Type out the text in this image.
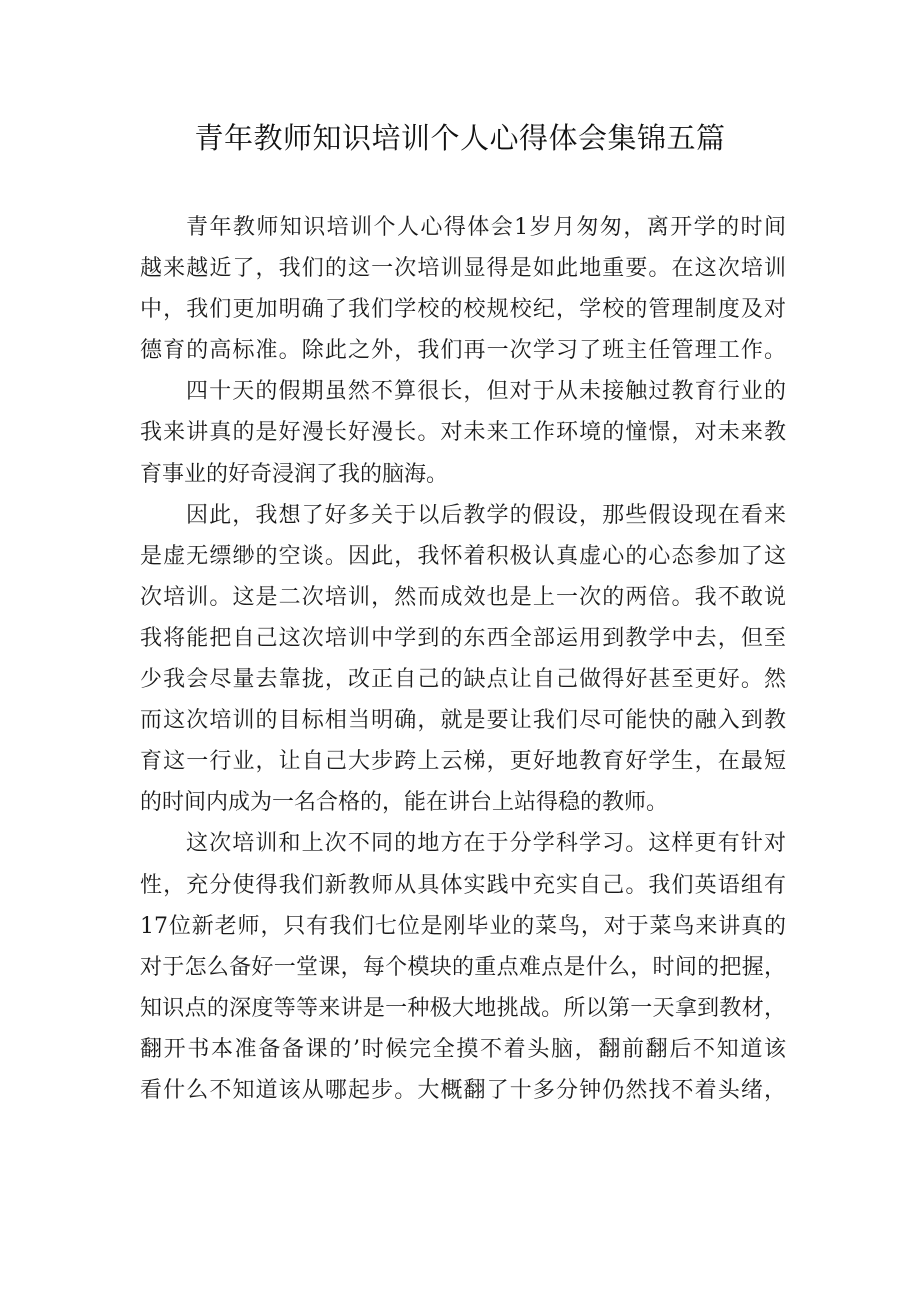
青年教师知识培训个人心得体会集锦五篇
青年教师知识培训个人心得体会1岁月匆匆，离开学的时间
越来越近了，我们的这一次培训显得是如此地重要。在这次培训
中，我们更加明确了我们学校的校规校纪，学校的管理制度及对
德育的高标准。除此之外，我们再一次学习了班主任管理工作。
四十天的假期虽然不算很长，但对于从未接触过教育行业的
我来讲真的是好漫长好漫长。对未来工作环境的憧憬，对未来教
育事业的好奇浸润了我的脑海。
因此，我想了好多关于以后教学的假设，那些假设现在看来
是虚无缥缈的空谈。因此，我怀着积极认真虚心的心态参加了这
次培训。这是二次培训，然而成效也是上一次的两倍。我不敢说
我将能把自己这次培训中学到的东西全部运用到教学中去，但至
少我会尽量去靠拢，改正自己的缺点让自己做得好甚至更好。然
而这次培训的目标相当明确，就是要让我们尽可能快的融入到教
育这一行业，让自己大步跨上云梯，更好地教育好学生，在最短
的时间内成为一名合格的，能在讲台上站得稳的教师。
这次培训和上次不同的地方在于分学科学习。这样更有针对
性，充分使得我们新教师从具体实践中充实自己。我们英语组有
17位新老师，只有我们七位是刚毕业的菜鸟，对于菜鸟来讲真的
对于怎么备好一堂课，每个模块的重点难点是什么，时间的把握，
知识点的深度等等来讲是一种极大地挑战。所以第一天拿到教材，
翻开书本准备备课的’时候完全摸不着头脑，翻前翻后不知道该
看什么不知道该从哪起步。大概翻了十多分钟仍然找不着头绪，
